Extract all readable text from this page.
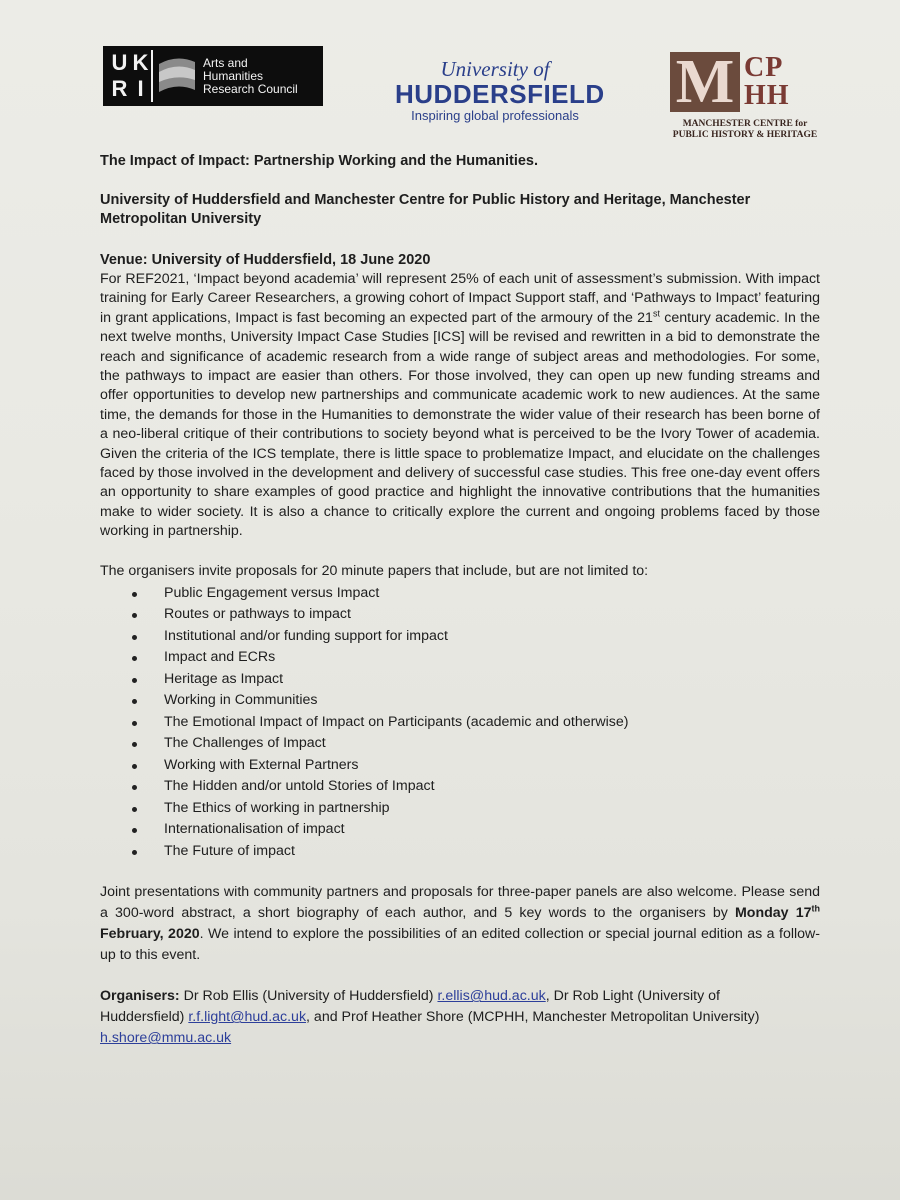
U K
R I
Arts and
Humanities
Research Council
University of
HUDDERSFIELD
Inspiring global professionals M CP
HH
MANCHESTER CENTRE for
PUBLIC HISTORY & HERITAGE

The Impact of Impact: Partnership Working and the Humanities.

University of Huddersfield and Manchester Centre for Public History and Heritage, Manchester Metropolitan University

Venue: University of Huddersfield, 18 June 2020

For REF2021, ‘Impact beyond academia’ will represent 25% of each unit of assessment’s submission. With impact training for Early Career Researchers, a growing cohort of Impact Support staff, and ‘Pathways to Impact’ featuring in grant applications, Impact is fast becoming an expected part of the armoury of the 21st century academic. In the next twelve months, University Impact Case Studies [ICS] will be revised and rewritten in a bid to demonstrate the reach and significance of academic research from a wide range of subject areas and methodologies. For some, the pathways to impact are easier than others. For those involved, they can open up new funding streams and offer opportunities to develop new partnerships and communicate academic work to new audiences. At the same time, the demands for those in the Humanities to demonstrate the wider value of their research has been borne of a neo-liberal critique of their contributions to society beyond what is perceived to be the Ivory Tower of academia. Given the criteria of the ICS template, there is little space to problematize Impact, and elucidate on the challenges faced by those involved in the development and delivery of successful case studies. This free one-day event offers an opportunity to share examples of good practice and highlight the innovative contributions that the humanities make to wider society. It is also a chance to critically explore the current and ongoing problems faced by those working in partnership.

The organisers invite proposals for 20 minute papers that include, but are not limited to:

Public Engagement versus Impact
Routes or pathways to impact
Institutional and/or funding support for impact
Impact and ECRs
Heritage as Impact
Working in Communities
The Emotional Impact of Impact on Participants (academic and otherwise)
The Challenges of Impact
Working with External Partners
The Hidden and/or untold Stories of Impact
The Ethics of working in partnership
Internationalisation of impact
The Future of impact

Joint presentations with community partners and proposals for three-paper panels are also welcome. Please send a 300-word abstract, a short biography of each author, and 5 key words to the organisers by Monday 17th February, 2020. We intend to explore the possibilities of an edited collection or special journal edition as a follow-up to this event.

Organisers: Dr Rob Ellis (University of Huddersfield) r.ellis@hud.ac.uk, Dr Rob Light (University of Huddersfield) r.f.light@hud.ac.uk, and Prof Heather Shore (MCPHH, Manchester Metropolitan University) h.shore@mmu.ac.uk
